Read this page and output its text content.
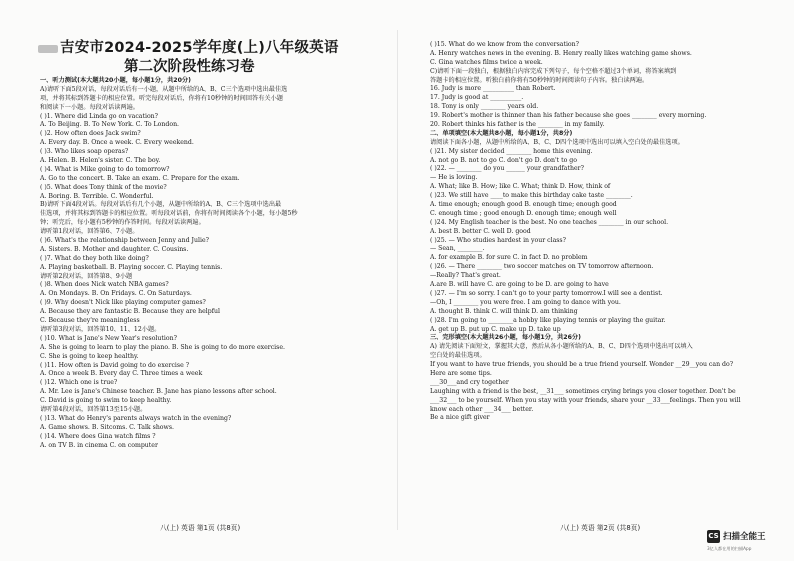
吉安市2024-2025学年度(上)八年级英语
第二次阶段性练习卷
一、听力测试(本大题共20小题，每小题1分，共20分)
A)请听下面5段对话，每段对话后有一小题，从题中所给的A、B、C三个选项中选出最佳选
项，并将其标到答题卡的相应位置。听完每段对话后，你将有10秒钟的时间回答有关小题
和阅读下一小题。每段对话读两遍。
( )1. Where did Linda go on vacation?
A. To Beijing. B. To New York. C. To London.
( )2. How often does Jack swim?
A. Every day. B. Once a week. C. Every weekend.
( )3. Who likes soap operas?
A. Helen. B. Helen's sister. C. The boy.
( )4. What is Mike going to do tomorrow?
A. Go to the concert. B. Take an exam. C. Prepare for the exam.
( )5. What does Tony think of the movie?
A. Boring. B. Terrible. C. Wonderful.
B)请听下面4段对话。每段对话后有几个小题，从题中所给的A、B、C三个选项中选出最
佳选项，并将其标到答题卡的相应位置。听每段对话前，你将有时间阅读各个小题，每小题5秒
钟；听完后，每小题有5秒钟的作答时间。每段对话读两遍。
请听第1段对话，回答第6、7小题。
( )6. What's the relationship between Jenny and Julie?
A. Sisters. B. Mother and daughter. C. Cousins.
( )7. What do they both like doing?
A. Playing basketball. B. Playing soccer. C. Playing tennis.
请听第2段对话，回答第8、9小题
( )8. When does Nick watch NBA games?
A. On Mondays. B. On Fridays. C. On Saturdays.
( )9. Why doesn't Nick like playing computer games?
A. Because they are fantastic B. Because they are helpful
C. Because they're meaningless
请听第3段对话，回答第10、11、12小题。
( )10. What is Jane's New Year's resolution?
A. She is going to learn to play the piano. B. She is going to do more exercise.
C. She is going to keep healthy.
( )11. How often is David going to do exercise ?
A. Once a week B. Every day C. Three times a week
( )12. Which one is true?
A. Mr. Lee is Jane's Chinese teacher. B. Jane has piano lessons after school.
C. David is going to swim to keep healthy.
请听第4段对话，回答第13至15小题。
( )13. What do Henry's parents always watch in the evening?
A. Game shows. B. Sitcoms. C. Talk shows.
( )14. Where does Gina watch films ?
A. on TV B. in cinema C. on computer
八(上) 英语 第1页 (共8页)
( )15. What do we know from the conversation?
A. Henry watches news in the evening. B. Henry really likes watching game shows.
C. Gina watches films twice a week.
C)请听下面一段独白，根据独白内容完成下列句子，每个空格不超过3个单词，将答案填到
答题卡的相应位置。听独白前你将有50秒钟的时间阅读句子内容。独白读两遍。
16. Judy is more __________ than Robert.
17. Judy is good at __________.
18. Tony is only ________ years old.
19. Robert's mother is thinner than his father because she goes ________ every morning.
20. Robert thinks his father is the ________ in my family.
二、单项填空(本大题共8小题，每小题1分，共8分)
请阅读下面各小题，从题中所给的A、B、C、D四个选项中选出可以填入空白处的最佳选项。
( )21. My sister decided ________ home this evening.
A. not go B. not to go C. don't go D. don't to go
( )22. — ________ do you ______ your grandfather?
— He is loving.
A. What; like B. How; like C. What; think D. How, think of
( )23. We still have ____to make this birthday cake taste ________.
A. time enough; enough good B. enough time; enough good
C. enough time ; good enough D. enough time; enough well
( )24. My English teacher is the best. No one teaches ________ in our school.
A. best B. better C. well D. good
( )25. — Who studies hardest in your class?
— Sean, ________.
A. for example B. for sure C. in fact D. no problem
( )26. — There ________ two soccer matches on TV tomorrow afternoon.
—Really? That's great.
A.are B. will have C. are going to be D. are going to have
( )27. — I'm so sorry. I can't go to your party tomorrow.I will see a dentist.
—Oh, I ________ you were free. I am going to dance with you.
A. thought B. think C. will think D. am thinking
( )28. I'm going to ________a hobby like playing tennis or playing the guitar.
A. get up B. put up C. make up D. take up
三、完形填空(本大题共26小题，每小题1分，共26分)
A) 请先阅读下面短文，掌握其大意，然后从各小题所给的A、B、C、D四个选项中选出可以填入
空白处的最佳选项。
If you want to have true friends, you should be a true friend yourself. Wonder __29__you can do?
Here are some tips.
___30___and cry together
Laughing with a friend is the best, __31___ sometimes crying brings you closer together. Don't be
___32___ to be yourself. When you stay with your friends, share your __33___feelings. Then you will
know each other ___34___ better.
Be a nice gift giver
八(上) 英语 第2页 (共8页)
CS 扫描全能王
3亿人都在用的扫描App
